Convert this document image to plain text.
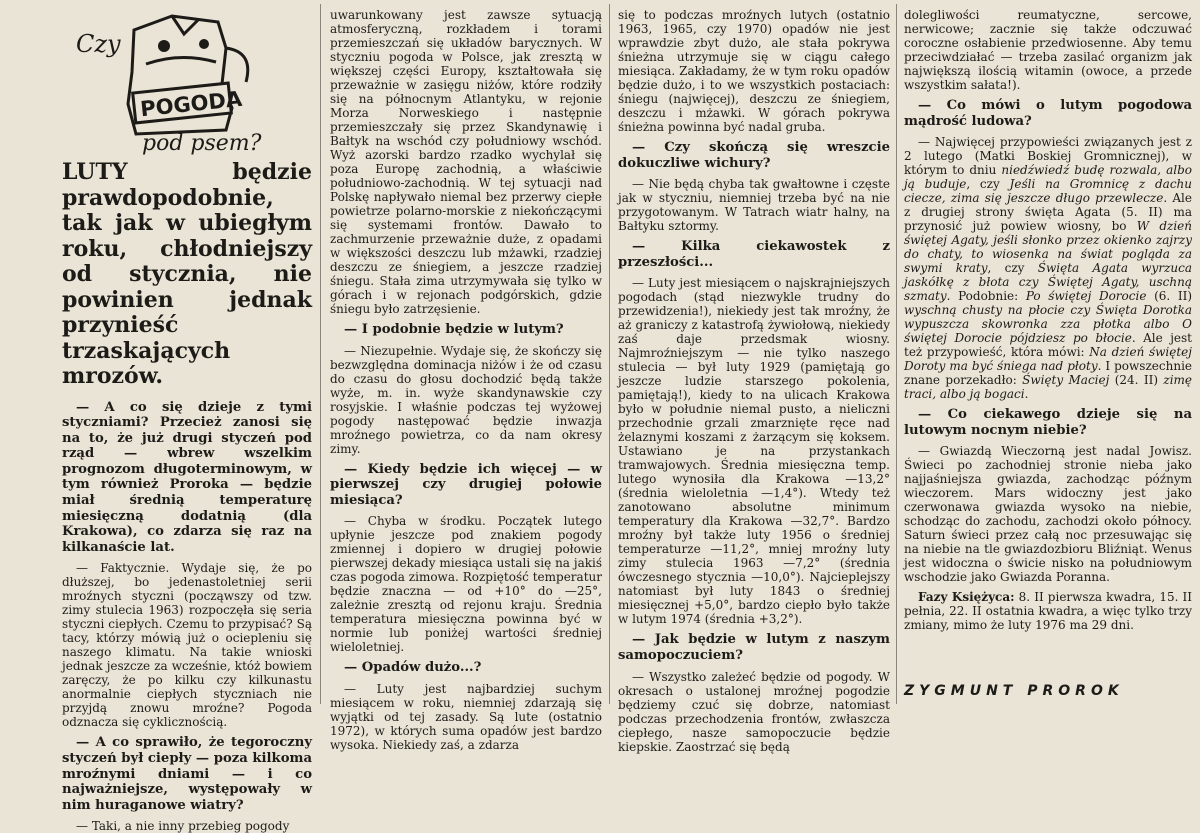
Czy
POGODA
pod psem?
LUTY będzie prawdopodobnie, tak jak w ubiegłym roku, chłodniejszy od stycznia, nie powinien jednak przynieść trzaskających mrozów.
— A co się dzieje z tymi styczniami? Przecież zanosi się na to, że już drugi styczeń pod rząd — wbrew wszelkim prognozom długoterminowym, w tym również Proroka — będzie miał średnią temperaturę miesięczną dodatnią (dla Krakowa), co zdarza się raz na kilkanaście lat.
— Faktycznie. Wydaje się, że po dłuższej, bo jedenastoletniej serii mroźnych styczni (począwszy od tzw. zimy stulecia 1963) rozpoczęła się seria styczni ciepłych. Czemu to przypisać? Są tacy, którzy mówią już o ociepleniu się naszego klimatu. Na takie wnioski jednak jeszcze za wcześnie, któż bowiem zaręczy, że po kilku czy kilkunastu anormalnie ciepłych styczniach nie przyjdą znowu mroźne? Pogoda odznacza się cyklicznością.
— A co sprawiło, że tegoroczny styczeń był ciepły — poza kilkoma mroźnymi dniami — i co najważniejsze, występowały w nim huraganowe wiatry?
— Taki, a nie inny przebieg pogody
uwarunkowany jest zawsze sytuacją atmosferyczną, rozkładem i torami przemieszczań się układów barycznych. W styczniu pogoda w Polsce, jak zresztą w większej części Europy, kształtowała się przeważnie w zasięgu niżów, które rodziły się na północnym Atlantyku, w rejonie Morza Norweskiego i następnie przemieszczały się przez Skandynawię i Bałtyk na wschód czy południowy wschód. Wyż azorski bardzo rzadko wychylał się poza Europę zachodnią, a właściwie południowo-zachodnią. W tej sytuacji nad Polskę napływało niemal bez przerwy ciepłe powietrze polarno-morskie z niekończącymi się systemami frontów. Dawało to zachmurzenie przeważnie duże, z opadami w większości deszczu lub mżawki, rzadziej deszczu ze śniegiem, a jeszcze rzadziej śniegu. Stała zima utrzymywała się tylko w górach i w rejonach podgórskich, gdzie śniegu było zatrzęsienie.
— I podobnie będzie w lutym?
— Niezupełnie. Wydaje się, że skończy się bezwzględna dominacja niżów i że od czasu do czasu do głosu dochodzić będą także wyże, m. in. wyże skandynawskie czy rosyjskie. I właśnie podczas tej wyżowej pogody następować będzie inwazja mroźnego powietrza, co da nam okresy zimy.
— Kiedy będzie ich więcej — w pierwszej czy drugiej połowie miesiąca?
— Chyba w środku. Początek lutego upłynie jeszcze pod znakiem pogody zmiennej i dopiero w drugiej połowie pierwszej dekady miesiąca ustali się na jakiś czas pogoda zimowa. Rozpiętość temperatur będzie znaczna — od +10° do —25°, zależnie zresztą od rejonu kraju. Średnia temperatura miesięczna powinna być w normie lub poniżej wartości średniej wieloletniej.
— Opadów dużo...?
— Luty jest najbardziej suchym miesiącem w roku, niemniej zdarzają się wyjątki od tej zasady. Są lute (ostatnio 1972), w których suma opadów jest bardzo wysoka. Niekiedy zaś, a zdarza
się to podczas mroźnych lutych (ostatnio 1963, 1965, czy 1970) opadów nie jest wprawdzie zbyt dużo, ale stała pokrywa śnieżna utrzymuje się w ciągu całego miesiąca. Zakładamy, że w tym roku opadów będzie dużo, i to we wszystkich postaciach: śniegu (najwięcej), deszczu ze śniegiem, deszczu i mżawki. W górach pokrywa śnieżna powinna być nadal gruba.
— Czy skończą się wreszcie dokuczliwe wichury?
— Nie będą chyba tak gwałtowne i częste jak w styczniu, niemniej trzeba być na nie przygotowanym. W Tatrach wiatr halny, na Bałtyku sztormy.
— Kilka ciekawostek z przeszłości...
— Luty jest miesiącem o najskrajniejszych pogodach (stąd niezwykle trudny do przewidzenia!), niekiedy jest tak mroźny, że aż graniczy z katastrofą żywiołową, niekiedy zaś daje przedsmak wiosny. Najmroźniejszym — nie tylko naszego stulecia — był luty 1929 (pamiętają go jeszcze ludzie starszego pokolenia, pamiętają!), kiedy to na ulicach Krakowa było w południe niemal pusto, a nieliczni przechodnie grzali zmarznięte ręce nad żelaznymi koszami z żarzącym się koksem. Ustawiano je na przystankach tramwajowych. Średnia miesięczna temp. lutego wynosiła dla Krakowa —13,2° (średnia wieloletnia —1,4°). Wtedy też zanotowano absolutne minimum temperatury dla Krakowa —32,7°. Bardzo mroźny był także luty 1956 o średniej temperaturze —11,2°, mniej mroźny luty zimy stulecia 1963 —7,2° (średnia ówczesnego stycznia —10,0°). Najcieplejszy natomiast był luty 1843 o średniej miesięcznej +5,0°, bardzo ciepło było także w lutym 1974 (średnia +3,2°).
— Jak będzie w lutym z naszym samopoczuciem?
— Wszystko zależeć będzie od pogody. W okresach o ustalonej mroźnej pogodzie będziemy czuć się dobrze, natomiast podczas przechodzenia frontów, zwłaszcza ciepłego, nasze samopoczucie będzie kiepskie. Zaostrzać się będą
dolegliwości reumatyczne, sercowe, nerwicowe; zacznie się także odczuwać coroczne osłabienie przedwiosenne. Aby temu przeciwdziałać — trzeba zasilać organizm jak największą ilością witamin (owoce, a przede wszystkim sałata!).
— Co mówi o lutym pogodowa mądrość ludowa?
— Najwięcej przypowieści związanych jest z 2 lutego (Matki Boskiej Gromnicznej), w którym to dniu niedźwiedź budę rozwala, albo ją buduje, czy Jeśli na Gromnicę z dachu ciecze, zima się jeszcze długo przewlecze. Ale z drugiej strony święta Agata (5. II) ma przynosić już powiew wiosny, bo W dzień świętej Agaty, jeśli słonko przez okienko zajrzy do chaty, to wiosenka na świat pogląda za swymi kraty, czy Święta Agata wyrzuca jaskółkę z błota czy Świętej Agaty, uschną szmaty. Podobnie: Po świętej Dorocie (6. II) wyschną chusty na płocie czy Święta Dorotka wypuszcza skowronka zza płotka albo O świętej Dorocie pójdziesz po błocie. Ale jest też przypowieść, która mówi: Na dzień świętej Doroty ma być śniega nad płoty. I powszechnie znane porzekadło: Święty Maciej (24. II) zimę traci, albo ją bogaci.
— Co ciekawego dzieje się na lutowym nocnym niebie?
— Gwiazdą Wieczorną jest nadal Jowisz. Świeci po zachodniej stronie nieba jako najjaśniejsza gwiazda, zachodząc późnym wieczorem. Mars widoczny jest jako czerwonawa gwiazda wysoko na niebie, schodząc do zachodu, zachodzi około północy. Saturn świeci przez całą noc przesuwając się na niebie na tle gwiazdozbioru Bliźniąt. Wenus jest widoczna o świcie nisko na południowym wschodzie jako Gwiazda Poranna.
Fazy Księżyca: 8. II pierwsza kwadra, 15. II pełnia, 22. II ostatnia kwadra, a więc tylko trzy zmiany, mimo że luty 1976 ma 29 dni.
ZYGMUNT PROROK
